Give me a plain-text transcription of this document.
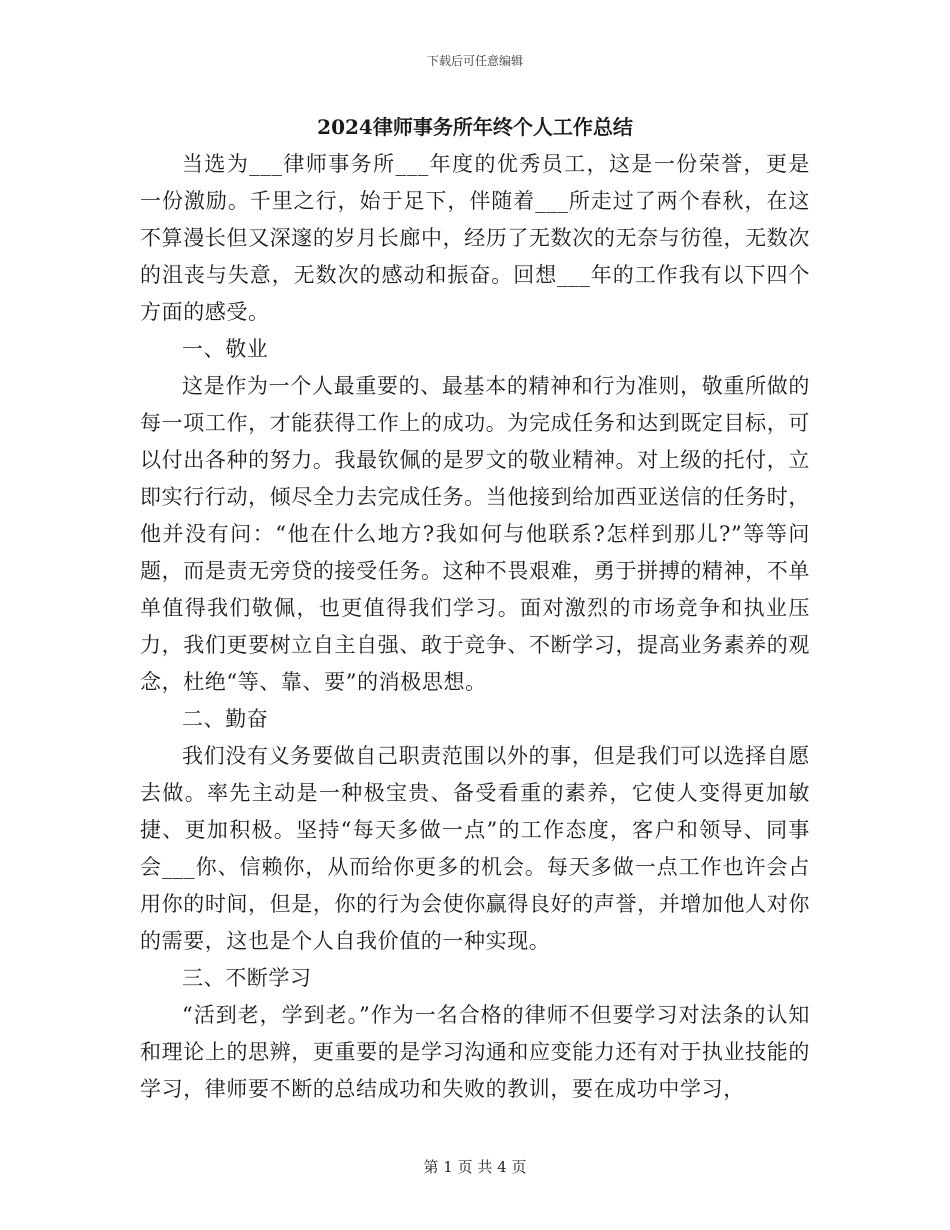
下载后可任意编辑
2024律师事务所年终个人工作总结

当选为___律师事务所___年度的优秀员工，这是一份荣誉，更是一份激励。千里之行，始于足下，伴随着___所走过了两个春秋，在这不算漫长但又深邃的岁月长廊中，经历了无数次的无奈与彷徨，无数次的沮丧与失意，无数次的感动和振奋。回想___年的工作我有以下四个方面的感受。

一、敬业

这是作为一个人最重要的、最基本的精神和行为准则，敬重所做的每一项工作，才能获得工作上的成功。为完成任务和达到既定目标，可以付出各种的努力。我最钦佩的是罗文的敬业精神。对上级的托付，立即实行行动，倾尽全力去完成任务。当他接到给加西亚送信的任务时，他并没有问：“他在什么地方?我如何与他联系?怎样到那儿?”等等问题，而是责无旁贷的接受任务。这种不畏艰难，勇于拼搏的精神，不单单值得我们敬佩，也更值得我们学习。面对激烈的市场竞争和执业压力，我们更要树立自主自强、敢于竞争、不断学习，提高业务素养的观念，杜绝“等、靠、要”的消极思想。

二、勤奋

我们没有义务要做自己职责范围以外的事，但是我们可以选择自愿去做。率先主动是一种极宝贵、备受看重的素养，它使人变得更加敏捷、更加积极。坚持“每天多做一点”的工作态度，客户和领导、同事会___你、信赖你，从而给你更多的机会。每天多做一点工作也许会占用你的时间，但是，你的行为会使你赢得良好的声誉，并增加他人对你的需要，这也是个人自我价值的一种实现。

三、不断学习

“活到老，学到老。”作为一名合格的律师不但要学习对法条的认知和理论上的思辨，更重要的是学习沟通和应变能力还有对于执业技能的学习，律师要不断的总结成功和失败的教训，要在成功中学习，

第 1 页 共 4 页
